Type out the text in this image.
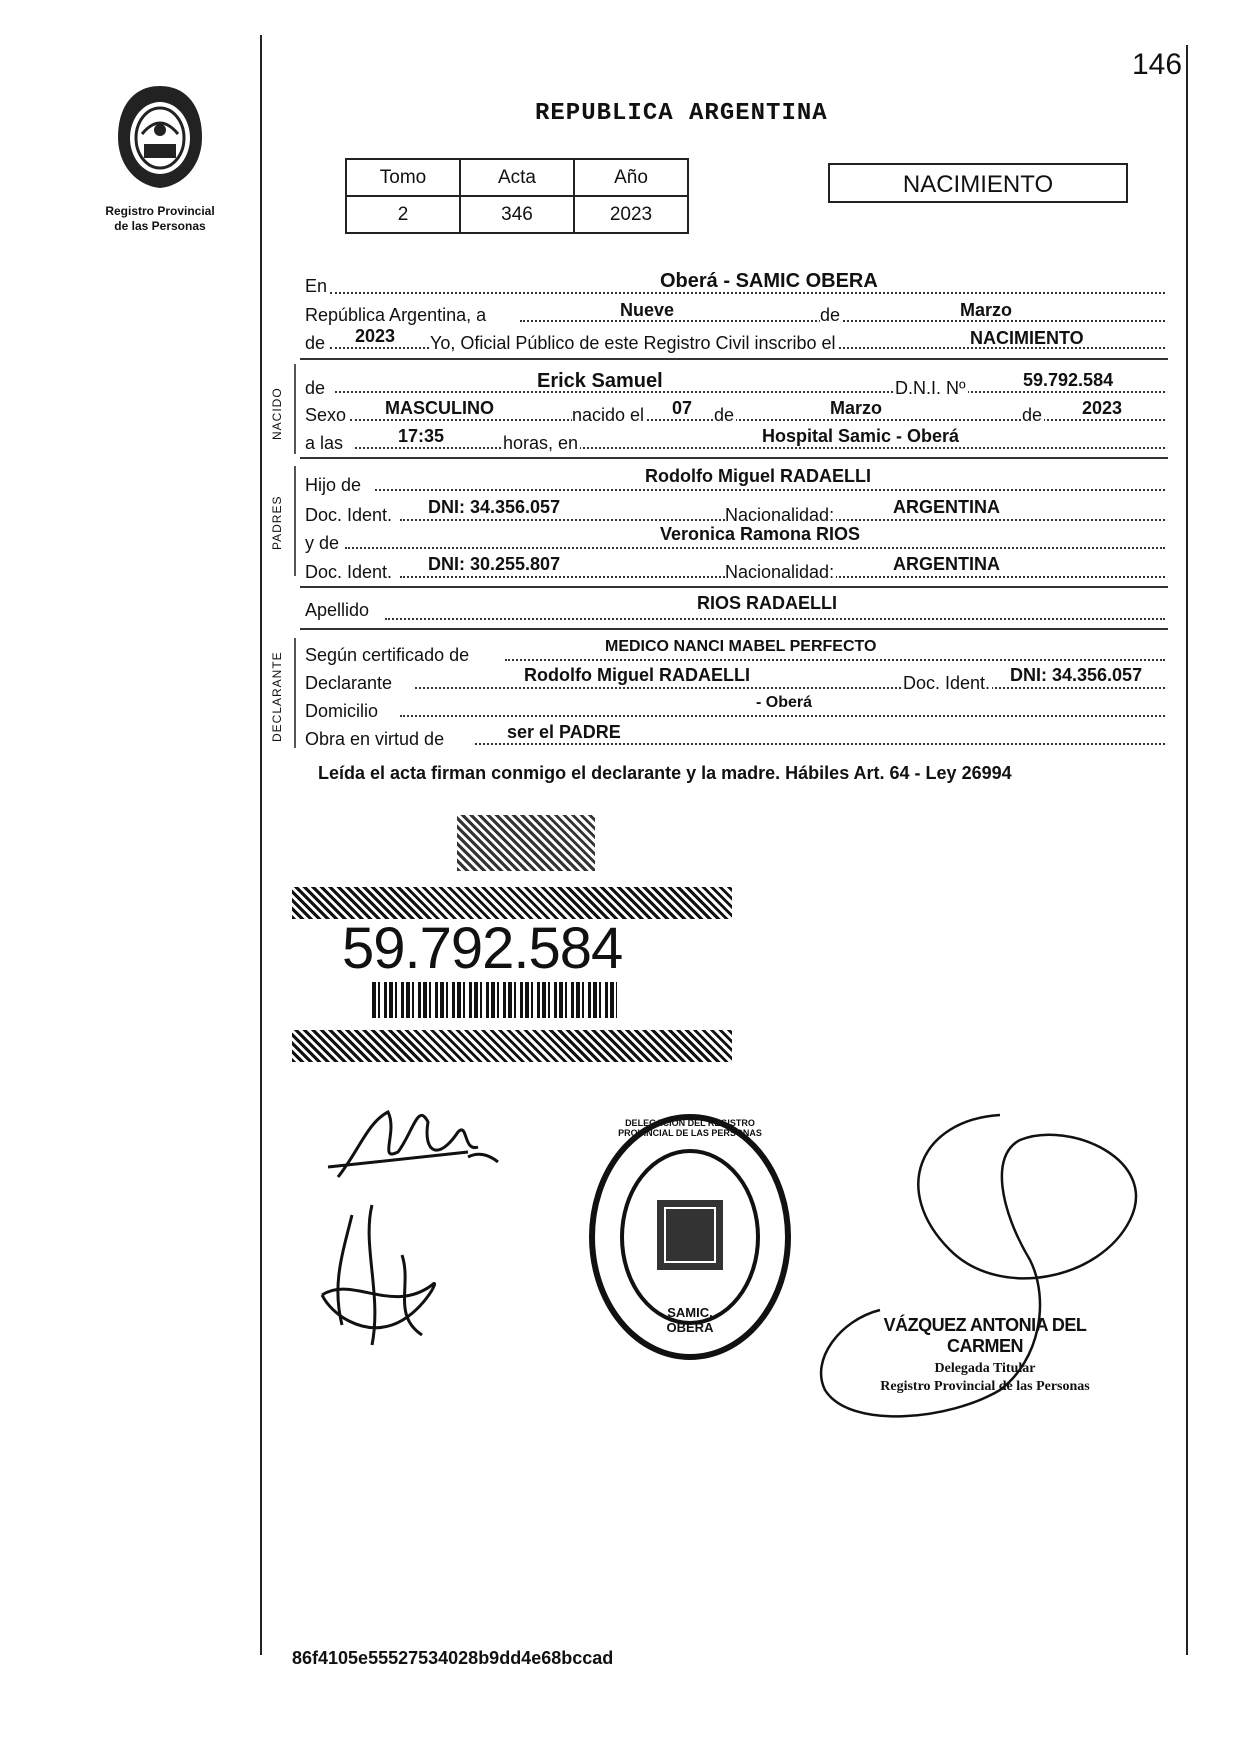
146
Registro Provincial
de las Personas
REPUBLICA ARGENTINA
Tomo	Acta	Año
2	346	2023
NACIMIENTO
En	Oberá - SAMIC OBERA
República Argentina, a	Nueve	de	Marzo
de 2023 Yo, Oficial Público de este Registro Civil inscribo el	NACIMIENTO
NACIDO de	Erick Samuel	D.N.I. Nº	59.792.584
Sexo MASCULINO	nacido el 07 de	Marzo	de 2023
a las	17:35	horas, en	Hospital Samic - Oberá
PADRES
Hijo de	Rodolfo Miguel RADAELLI
Doc. Ident. DNI: 34.356.057	Nacionalidad:	ARGENTINA
y de	Veronica Ramona RIOS
Doc. Ident. DNI: 30.255.807	Nacionalidad:	ARGENTINA
Apellido	RIOS RADAELLI
DECLARANTE Según certificado de	MEDICO NANCI MABEL PERFECTO
Declarante	Rodolfo Miguel RADAELLI	Doc. Ident. DNI: 34.356.057
Domicilio	- Oberá
Obra en virtud de	ser el PADRE
Leída el acta firman conmigo el declarante y la madre. Hábiles Art. 64 - Ley 26994
59.792.584
DELEGACIÓN DEL REGISTRO PROVINCIAL DE LAS PERSONAS
SAMIC. OBERA	VÁZQUEZ ANTONIA DEL CARMEN
Delegada Titular
Registro Provincial de las Personas
86f4105e55527534028b9dd4e68bccad
